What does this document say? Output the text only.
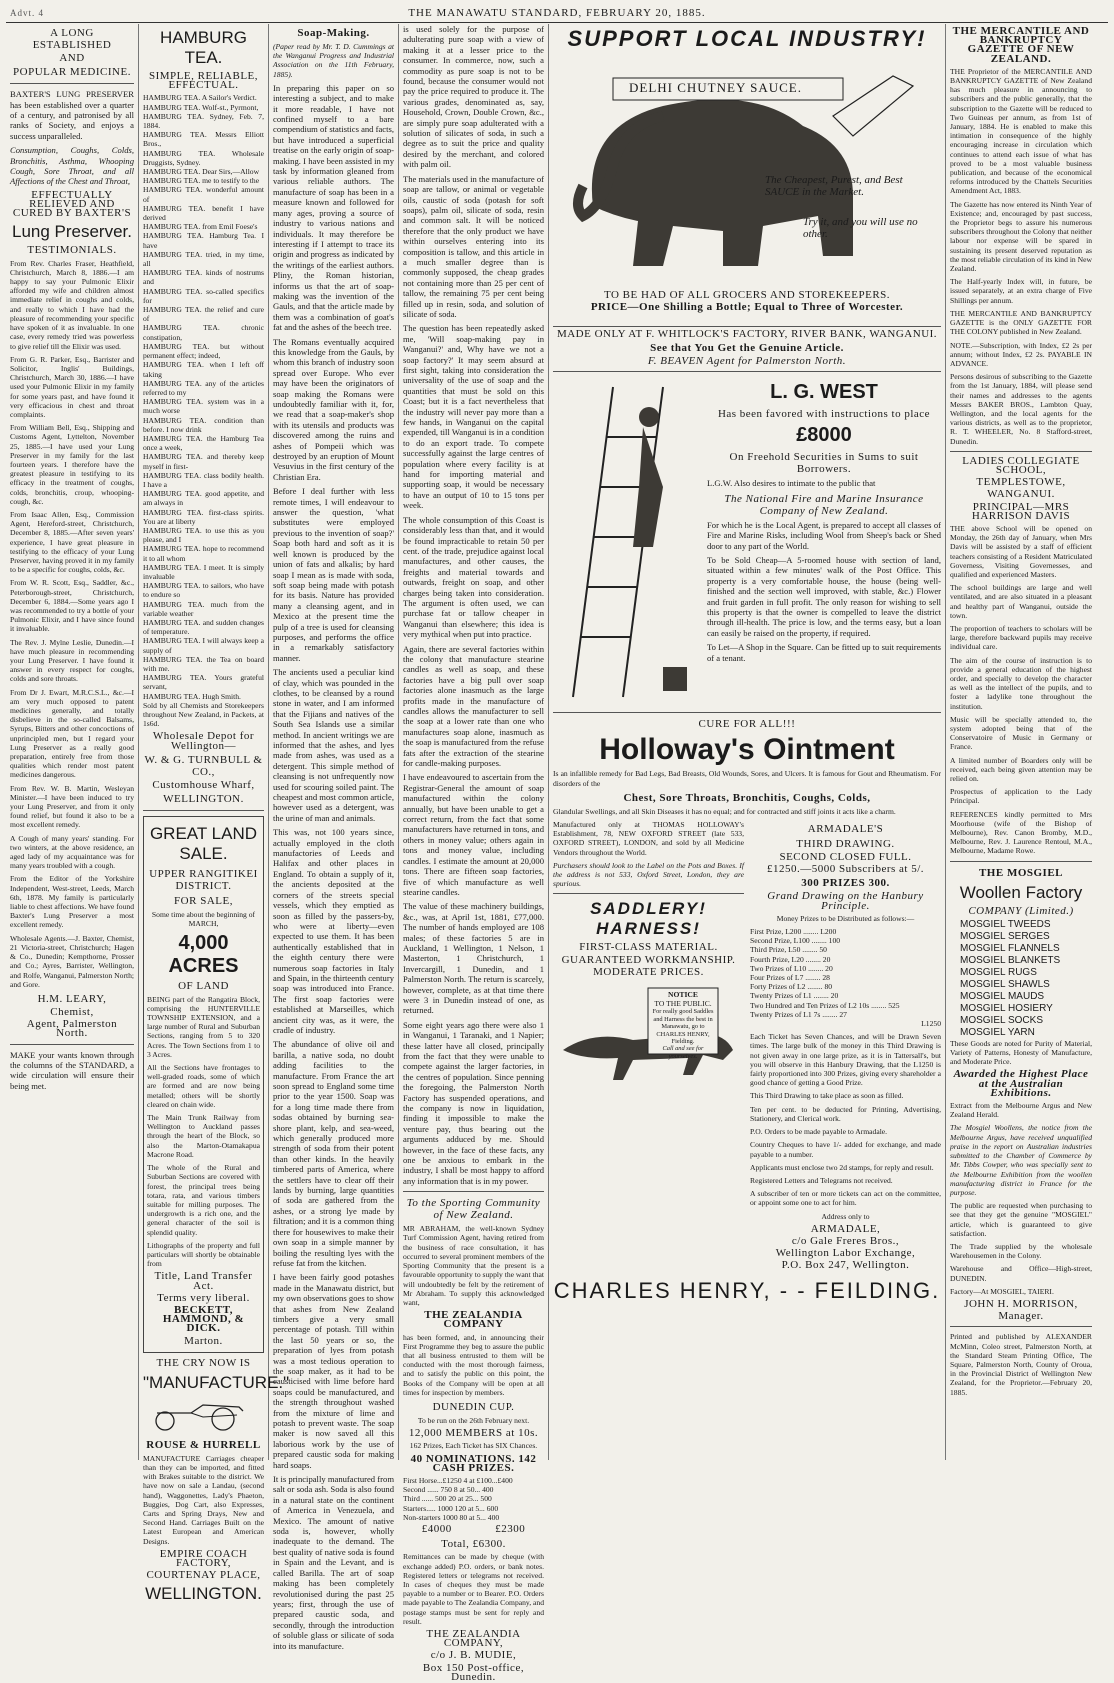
Advt. 4	THE MANAWATU STANDARD, FEBRUARY 20, 1885.
A LONG ESTABLISHED
AND
POPULAR MEDICINE.

BAXTER'S LUNG PRESERVER has been established over a quarter of a century, and patronised by all ranks of Society, and enjoys a success unparalleled.

Consumption, Coughs, Colds, Bronchitis, Asthma, Whooping Cough, Sore Throat, and all Affections of the Chest and Throat,

EFFECTUALLY RELIEVED AND CURED BY BAXTER'S
Lung Preserver.
TESTIMONIALS.

From Rev. Charles Fraser, Heathfield, Christchurch, March 8, 1886.—I am happy to say your Pulmonic Elixir afforded my wife and children almost immediate relief in coughs and colds, and really to which I have had the pleasure of recommending your specific have spoken of it as invaluable. In one case, every remedy tried was powerless to give relief till the Elixir was used.

From G. R. Parker, Esq., Barrister and Solicitor, Inglis' Buildings, Christchurch, March 30, 1886.—I have used your Pulmonic Elixir in my family for some years past, and have found it very efficacious in chest and throat complaints.

From William Bell, Esq., Shipping and Customs Agent, Lyttelton, November 25, 1885.—I have used your Lung Preserver in my family for the last fourteen years. I therefore have the greatest pleasure in testifying to its efficacy in the treatment of coughs, colds, bronchitis, croup, whooping-cough, &c.

From Isaac Allen, Esq., Commission Agent, Hereford-street, Christchurch, December 8, 1885.—After seven years' experience, I have great pleasure in testifying to the efficacy of your Lung Preserver, having proved it in my family to be a specific for coughs, colds, &c.

From W. R. Scott, Esq., Saddler, &c., Peterborough-street, Christchurch, December 6, 1884.—Some years ago I was recommended to try a bottle of your Pulmonic Elixir, and I have since found it invaluable.

The Rev. J. Mylne Leslie, Dunedin.—I have much pleasure in recommending your Lung Preserver. I have found it answer in every respect for coughs, colds and sore throats.

From Dr J. Ewart, M.R.C.S.L., &c.—I am very much opposed to patent medicines generally, and totally disbelieve in the so-called Balsams, Syrups, Bitters and other concoctions of unprincipled men, but I regard your Lung Preserver as a really good preparation, entirely free from those qualities which render most patent medicines dangerous.

From Rev. W. B. Martin, Wesleyan Minister.—I have been induced to try your Lung Preserver, and from it only found relief, but found it also to be a most excellent remedy.

A Cough of many years' standing. For two winters, at the above residence, an aged lady of my acquaintance was for many years troubled with a cough.

From the Editor of the Yorkshire Independent, West-street, Leeds, March 6th, 1878. My family is particularly liable to chest affections. We have found Baxter's Lung Preserver a most excellent remedy.

Wholesale Agents.—J. Baxter, Chemist, 21 Victoria-street, Christchurch; Hagen & Co., Dunedin; Kempthorne, Prosser and Co.; Ayres, Barrister, Wellington, and Rolfe, Wanganui, Palmerston North; and Gore.

H.M. LEARY,
Chemist,
Agent, Palmerston North.

MAKE your wants known through the columns of the STANDARD, a wide circulation will ensure their being met.

HAMBURG TEA.
SIMPLE, RELIABLE, EFFECTUAL.

HAMBURG TEA. A Sailor's Verdict.

HAMBURG TEA. Wolf-st., Pyrmont,

HAMBURG TEA. Sydney, Feb. 7, 1884.

HAMBURG TEA. Messrs Elliott Bros.,

HAMBURG TEA. Wholesale Druggists, Sydney.

HAMBURG TEA. Dear Sirs,—Allow

HAMBURG TEA. me to testify to the

HAMBURG TEA. wonderful amount of

HAMBURG TEA. benefit I have derived

HAMBURG TEA. from Emil Foese's

HAMBURG TEA. Hamburg Tea. I have

HAMBURG TEA. tried, in my time, all

HAMBURG TEA. kinds of nostrums and

HAMBURG TEA. so-called specifics for

HAMBURG TEA. the relief and cure of

HAMBURG TEA. chronic constipation,

HAMBURG TEA. but without permanent effect; indeed,

HAMBURG TEA. when I left off taking

HAMBURG TEA. any of the articles referred to my

HAMBURG TEA. system was in a much worse

HAMBURG TEA. condition than before. I now drink

HAMBURG TEA. the Hamburg Tea once a week,

HAMBURG TEA. and thereby keep myself in first-

HAMBURG TEA. class bodily health. I have a

HAMBURG TEA. good appetite, and am always in

HAMBURG TEA. first-class spirits. You are at liberty

HAMBURG TEA. to use this as you please, and I

HAMBURG TEA. hope to recommend it to all whom

HAMBURG TEA. I meet. It is simply invaluable

HAMBURG TEA. to sailors, who have to endure so

HAMBURG TEA. much from the variable weather

HAMBURG TEA. and sudden changes of temperature.

HAMBURG TEA. I will always keep a supply of

HAMBURG TEA. the Tea on board with me.

HAMBURG TEA. Yours grateful servant,

HAMBURG TEA. Hugh Smith.

Sold by all Chemists and Storekeepers throughout New Zealand, in Packets, at 1s6d.

Wholesale Depot for Wellington—
W. & G. TURNBULL & CO.,
Customhouse Wharf,
WELLINGTON.
GREAT LAND SALE.
UPPER RANGITIKEI DISTRICT.
FOR SALE,

Some time about the beginning of MARCH,

4,000 ACRES
OF LAND

BEING part of the Rangatira Block, comprising the HUNTERVILLE TOWNSHIP EXTENSION, and a large number of Rural and Suburban Sections, ranging from 5 to 320 Acres. The Town Sections from 1 to 3 Acres.

All the Sections have frontages to well-graded roads, some of which are formed and are now being metalled; others will be shortly cleared on chain wide.

The Main Trunk Railway from Wellington to Auckland passes through the heart of the Block, so also the Marton-Otamakapua Macrone Road.

The whole of the Rural and Suburban Sections are covered with forest, the principal trees being totara, rata, and various timbers suitable for milling purposes. The undergrowth is a rich one, and the general character of the soil is splendid quality.

Lithographs of the property and full particulars will shortly be obtainable from

Title, Land Transfer Act.
Terms very liberal.
BECKETT, HAMMOND, & DICK.
Marton.
THE CRY NOW IS
"MANUFACTURE."
ROUSE & HURRELL

MANUFACTURE Carriages cheaper than they can be imported, and fitted with Brakes suitable to the district. We have now on sale a Landau, (second hand), Waggonettes, Lady's Phaeton, Buggies, Dog Cart, also Expresses, Carts and Spring Drays, New and Second Hand. Carriages Built on the Latest European and American Designs.

EMPIRE COACH FACTORY,
COURTENAY PLACE,
WELLINGTON.
Soap-Making.

(Paper read by Mr. T. D. Cummings at the Wanganui Progress and Industrial Association on the 11th February, 1885).

In preparing this paper on so interesting a subject, and to make it more readable, I have not confined myself to a bare compendium of statistics and facts, but have introduced a superficial treatise on the early origin of soap-making. I have been assisted in my task by information gleaned from various reliable authors. The manufacture of soap has been in a measure known and followed for many ages, proving a source of industry to various nations and individuals. It may therefore be interesting if I attempt to trace its origin and progress as indicated by the writings of the earliest authors. Pliny, the Roman historian, informs us that the art of soap-making was the invention of the Gauls, and that the article made by them was a combination of goat's fat and the ashes of the beech tree.

The Romans eventually acquired this knowledge from the Gauls, by whom this branch of industry soon spread over Europe. Who ever may have been the originators of soap making the Romans were undoubtedly familiar with it, for, we read that a soap-maker's shop with its utensils and products was discovered among the ruins and ashes of Pompeii which was destroyed by an eruption of Mount Vesuvius in the first century of the Christian Era.

Before I deal further with less remote times, I will endeavour to answer the question, 'what substitutes were employed previous to the invention of soap?' Soap both hard and soft as it is well known is produced by the union of fats and alkalis; by hard soap I mean as is made with soda, soft soap being made with potash for its basis. Nature has provided many a cleansing agent, and in Mexico at the present time the pulp of a tree is used for cleansing purposes, and performs the office in a remarkably satisfactory manner.

The ancients used a peculiar kind of clay, which was pounded in the clothes, to be cleansed by a round stone in water, and I am informed that the Fijians and natives of the South Sea Islands use a similar method. In ancient writings we are informed that the ashes, and lyes made from ashes, was used as a detergent. This simple method of cleansing is not unfrequently now used for scouring soiled paint. The cheapest and most common article, however used as a detergent, was the urine of man and animals.

This was, not 100 years since, actually employed in the cloth manufactories of Leeds and Halifax and other places in England. To obtain a supply of it, the ancients deposited at the corners of the streets special vessels, which they emptied as soon as filled by the passers-by, who were at liberty—even expected to use them. It has been authentically established that in the eighth century there were numerous soap factories in Italy and Spain, in the thirteenth century soap was introduced into France. The first soap factories were established at Marseilles, which ancient city was, as it were, the cradle of industry.

The abundance of olive oil and barilla, a native soda, no doubt adding facilities to the manufacture. From France the art soon spread to England some time prior to the year 1500. Soap was for a long time made there from sodas obtained by burning sea-shore plant, kelp, and sea-weed, which generally produced more strength of soda from their potent than other kinds. In the heavily timbered parts of America, where the settlers have to clear off their lands by burning, large quantities of soda are gathered from the ashes, or a strong lye made by filtration; and it is a common thing there for housewives to make their own soap in a simple manner by boiling the resulting lyes with the refuse fat from the kitchen.

I have been fairly good potashes made in the Manawatu district, but my own observations goes to show that ashes from New Zealand timbers give a very small percentage of potash. Till within the last 50 years or so, the preparation of lyes from potash was a most tedious operation to the soap maker, as it had to be causticised with lime before hard soaps could be manufactured, and the strength throughout washed from the mixture of lime and potash to prevent waste. The soap maker is now saved all this laborious work by the use of prepared caustic soda for making hard soaps.

It is principally manufactured from salt or soda ash. Soda is also found in a natural state on the continent of America in Venezuela, and Mexico. The amount of native soda is, however, wholly inadequate to the demand. The best quality of native soda is found in Spain and the Levant, and is called Barilla. The art of soap making has been completely revolutionised during the past 25 years; first, through the use of prepared caustic soda, and secondly, through the introduction of soluble glass or silicate of soda into its manufacture.

is used solely for the purpose of adulterating pure soap with a view of making it at a lesser price to the consumer. In commerce, now, such a commodity as pure soap is not to be found, because the consumer would not pay the price required to produce it. The various grades, denominated as, say, Household, Crown, Double Crown, &c., are simply pure soap adulterated with a solution of silicates of soda, in such a degree as to suit the price and quality desired by the merchant, and colored with palm oil.

The materials used in the manufacture of soap are tallow, or animal or vegetable oils, caustic of soda (potash for soft soaps), palm oil, silicate of soda, resin and common salt. It will be noticed therefore that the only product we have within ourselves entering into its composition is tallow, and this article in a much smaller degree than is commonly supposed, the cheap grades not containing more than 25 per cent of tallow, the remaining 75 per cent being filled up in resin, soda, and solution of silicate of soda.

The question has been repeatedly asked me, 'Will soap-making pay in Wanganui?' and, Why have we not a soap factory?' It may seem absurd at first sight, taking into consideration the universality of the use of soap and the quantities that must be sold on this Coast; but it is a fact nevertheless that the industry will never pay more than a few hands, in Wanganui on the capital expended, till Wanganui is in a condition to do an export trade. To compete successfully against the large centres of population where every facility is at hand for importing material and supporting soap, it would be necessary to have an output of 10 to 15 tons per week.

The whole consumption of this Coast is considerably less than that, and it would be found impracticable to retain 50 per cent. of the trade, prejudice against local manufactures, and other causes, the freights and material towards and outwards, freight on soap, and other charges being taken into consideration. The argument is often used, we can purchase fat or tallow cheaper in Wanganui than elsewhere; this idea is very mythical when put into practice.

Again, there are several factories within the colony that manufacture stearine candles as well as soap, and these factories have a big pull over soap factories alone inasmuch as the large profits made in the manufacture of candles allows the manufacturer to sell the soap at a lower rate than one who manufactures soap alone, inasmuch as the soap is manufactured from the refuse fats after the extraction of the stearine for candle-making purposes.

I have endeavoured to ascertain from the Registrar-General the amount of soap manufactured within the colony annually, but have been unable to get a correct return, from the fact that some manufacturers have returned in tons, and others in money value; others again in tons and money value, including candles. I estimate the amount at 20,000 tons. There are fifteen soap factories, five of which manufacture as well stearine candles.

The value of these machinery buildings, &c., was, at April 1st, 1881, £77,000. The number of hands employed are 108 males; of these factories 5 are in Auckland, 1 Wellington, 1 Nelson, 1 Masterton, 1 Christchurch, 1 Invercargill, 1 Dunedin, and 1 Palmerston North. The return is scarcely, however, complete, as at that time there were 3 in Dunedin instead of one, as returned.

Some eight years ago there were also 1 in Wanganui, 1 Taranaki, and 1 Napier; these latter have all closed, principally from the fact that they were unable to compete against the larger factories, in the centres of population. Since penning the foregoing, the Palmerston North Factory has suspended operations, and the company is now in liquidation, finding it impossible to make the venture pay, thus bearing out the arguments adduced by me. Should however, in the face of these facts, any one be anxious to embark in the industry, I shall be most happy to afford any information that is in my power.

To the Sporting Community of New Zealand.

MR ABRAHAM, the well-known Sydney Turf Commission Agent, having retired from the business of race consultation, it has occurred to several prominent members of the Sporting Community that the present is a favourable opportunity to supply the want that will undoubtedly be felt by the retirement of Mr Abraham. To supply this acknowledged want,

THE ZEALANDIA COMPANY

has been formed, and, in announcing their First Programme they beg to assure the public that all business entrusted to them will be conducted with the most thorough fairness, and to satisfy the public on this point, the Books of the Company will be open at all times for inspection by members.

DUNEDIN CUP.

To be run on the 26th February next.

12,000 MEMBERS at 10s.

162 Prizes, Each Ticket has SIX Chances.

40 NOMINATIONS. 142 CASH PRIZES.

First Horse...£1250 4 at £100...£400

Second ...... 750 8 at 50... 400

Third ...... 500 20 at 25... 500

Starters..... 1000 120 at 5... 600

Non-starters 1000 80 at 5... 400

£4000	£2300
Total, £6300.

Remittances can be made by cheque (with exchange added) P.O. orders, or bank notes. Registered letters or telegrams not received. In cases of cheques they must be made payable to a number or to Bearer. P.O. Orders made payable to The Zealandia Company, and postage stamps must be sent for reply and result.

THE ZEALANDIA COMPANY,
c/o J. B. MUDIE,
Box 150 Post-office, Dunedin.
SUPPORT LOCAL INDUSTRY!
DELHI CHUTNEY SAUCE.
The Cheapest, Purest, and Best SAUCE in the Market.
Try it, and you will use no other.
TO BE HAD OF ALL GROCERS AND STOREKEEPERS.
PRICE—One Shilling a Bottle; Equal to Three of Worcester.
MADE ONLY AT F. WHITLOCK'S FACTORY, RIVER BANK, WANGANUI.
See that You Get the Genuine Article.
F. BEAVEN Agent for Palmerston North.
L. G. WEST
Has been favored with instructions to place
£8000
On Freehold Securities in Sums to suit Borrowers.

L.G.W. Also desires to intimate to the public that

The National Fire and Marine Insurance Company of New Zealand.

For which he is the Local Agent, is prepared to accept all classes of Fire and Marine Risks, including Wool from Sheep's back or Shed door to any part of the World.

To be Sold Cheap—A 5-roomed house with section of land, situated within a few minutes' walk of the Post Office. This property is a very comfortable house, the house (being well-finished and the section well improved, with stable, &c.) Flower and fruit garden in full profit. The only reason for wishing to sell this property is that the owner is compelled to leave the district through ill-health. The price is low, and the terms easy, but a loan can easily be raised on the property, if required.

To Let—A Shop in the Square. Can be fitted up to suit requirements of a tenant.

CURE FOR ALL!!!
Holloway's Ointment

Is an infallible remedy for Bad Legs, Bad Breasts, Old Wounds, Sores, and Ulcers. It is famous for Gout and Rheumatism. For disorders of the

Chest, Sore Throats, Bronchitis, Coughs, Colds,

Glandular Swellings, and all Skin Diseases it has no equal; and for contracted and stiff joints it acts like a charm.

Manufactured only at THOMAS HOLLOWAY's Establishment, 78, NEW OXFORD STREET (late 533, OXFORD STREET), LONDON, and sold by all Medicine Vendors throughout the World.

Purchasers should look to the Label on the Pots and Boxes. If the address is not 533, Oxford Street, London, they are spurious.

SADDLERY! HARNESS!
FIRST-CLASS MATERIAL.
GUARANTEED WORKMANSHIP.
MODERATE PRICES.
NOTICE
TO THE PUBLIC.
For really good Saddles and Harness the best in Manawatu, go to CHARLES HENRY, Fielding.
Call and see for yourselves.
ARMADALE'S
THIRD DRAWING.
SECOND CLOSED FULL.
£1250.—5000 Subscribers at 5/.
300 PRIZES 300.
Grand Drawing on the Hanbury Principle.

Money Prizes to be Distributed as follows:—

First Prize, L200 ........ L200

Second Prize, L100 ........ 100

Third Prize, L50 ........ 50

Fourth Prize, L20 ........ 20

Two Prizes of L10 ........ 20

Four Prizes of L7 ........ 28

Forty Prizes of L2 ........ 80

Twenty Prizes of L1 ........ 20

Two Hundred and Ten Prizes of L2 10s ........ 525

Twenty Prizes of L1 7s ........ 27

L1250

Each Ticket has Seven Chances, and will be Drawn Seven times. The large bulk of the money in this Third Drawing is not given away in one large prize, as it is in Tattersall's, but you will observe in this Hanbury Drawing, that the L1250 is fairly proportioned into 300 Prizes, giving every shareholder a good chance of getting a Good Prize.

This Third Drawing to take place as soon as filled.

Ten per cent. to be deducted for Printing, Advertising, Stationery, and Clerical work.

P.O. Orders to be made payable to Armadale.

Country Cheques to have 1/- added for exchange, and made payable to a number.

Applicants must enclose two 2d stamps, for reply and result.

Registered Letters and Telegrams not received.

A subscriber of ten or more tickets can act on the committee, or appoint some one to act for him.

Address only to

ARMADALE,
c/o Gale Freres Bros.,
Wellington Labor Exchange,
P.O. Box 247, Wellington.
CHARLES HENRY, - - FEILDING.
THE MERCANTILE AND BANKRUPTCY GAZETTE OF NEW ZEALAND.

THE Proprietor of the MERCANTILE AND BANKRUPTCY GAZETTE of New Zealand has much pleasure in announcing to subscribers and the public generally, that the subscription to the Gazette will be reduced to Two Guineas per annum, as from 1st of January, 1884. He is enabled to make this intimation in consequence of the highly encouraging increase in circulation which continues to attend each issue of what has proved to be a most valuable business publication, and because of the economical reforms introduced by the Chattels Securities Amendment Act, 1883.

The Gazette has now entered its Ninth Year of Existence; and, encouraged by past success, the Proprietor begs to assure his numerous subscribers throughout the Colony that neither labour nor expense will be spared in sustaining its present deserved reputation as the most reliable circulation of its kind in New Zealand.

The Half-yearly Index will, in future, be issued separately, at an extra charge of Five Shillings per annum.

THE MERCANTILE AND BANKRUPTCY GAZETTE is the ONLY GAZETTE FOR THE COLONY published in New Zealand.

NOTE.—Subscription, with Index, £2 2s per annum; without Index, £2 2s. PAYABLE IN ADVANCE.

Persons desirous of subscribing to the Gazette from the 1st January, 1884, will please send their names and addresses to the agents Messrs BAKER BROS., Lambton Quay, Wellington, and the local agents for the various districts, as well as to the proprietor, R. T. WHEELER, No. 8 Stafford-street, Dunedin.

LADIES COLLEGIATE SCHOOL,
TEMPLESTOWE,
WANGANUI.
PRINCIPAL—MRS HARRISON DAVIS

THE above School will be opened on Monday, the 26th day of January, when Mrs Davis will be assisted by a staff of efficient teachers consisting of a Resident Matriculated Governess, Visiting Governesses, and qualified and experienced Masters.

The school buildings are large and well ventilated, and are also situated in a pleasant and healthy part of Wanganui, outside the town.

The proportion of teachers to scholars will be large, therefore backward pupils may receive individual care.

The aim of the course of instruction is to provide a general education of the highest order, and specially to develop the character as well as the intellect of the pupils, and to foster a ladylike tone throughout the institution.

Music will be specially attended to, the system adopted being that of the Conservatoire of Music in Germany or France.

A limited number of Boarders only will be received, each being given attention may be relied on.

Prospectus of application to the Lady Principal.

REFERENCES kindly permitted to Mrs Moorhouse (wife of the Bishop of Melbourne), Rev. Canon Bromby, M.D., Melbourne, Rev. J. Laurence Rentoul, M.A., Melbourne, Madame Rowe.

THE MOSGIEL
Woollen Factory
COMPANY (Limited.)

MOSGIEL TWEEDS

MOSGIEL SERGES

MOSGIEL FLANNELS

MOSGIEL BLANKETS

MOSGIEL RUGS

MOSGIEL SHAWLS

MOSGIEL MAUDS

MOSGIEL HOSIERY

MOSGIEL SOCKS

MOSGIEL YARN

These Goods are noted for Purity of Material, Variety of Patterns, Honesty of Manufacture, and Moderate Price.

Awarded the Highest Place at the Australian Exhibitions.

Extract from the Melbourne Argus and New Zealand Herald.

The Mosgiel Woollens, the notice from the Melbourne Argus, have received unqualified praise in the report on Australian industries submitted to the Chamber of Commerce by Mr. Tibbs Cowper, who was specially sent to the Melbourne Exhibition from the woollen manufacturing district in France for the purpose.

The public are requested when purchasing to see that they get the genuine "MOSGIEL" article, which is guaranteed to give satisfaction.

The Trade supplied by the wholesale Warehousemen in the Colony.

Warehouse and Office—High-street, DUNEDIN.

Factory—At MOSGIEL, TAIERI.

JOHN H. MORRISON,
Manager.

Printed and published by ALEXANDER McMinn, Coleo street, Palmerston North, at the Standard Steam Printing Office, The Square, Palmerston North, County of Oroua, in the Provincial District of Wellington New Zealand, for the Proprietor.—February 20, 1885.
